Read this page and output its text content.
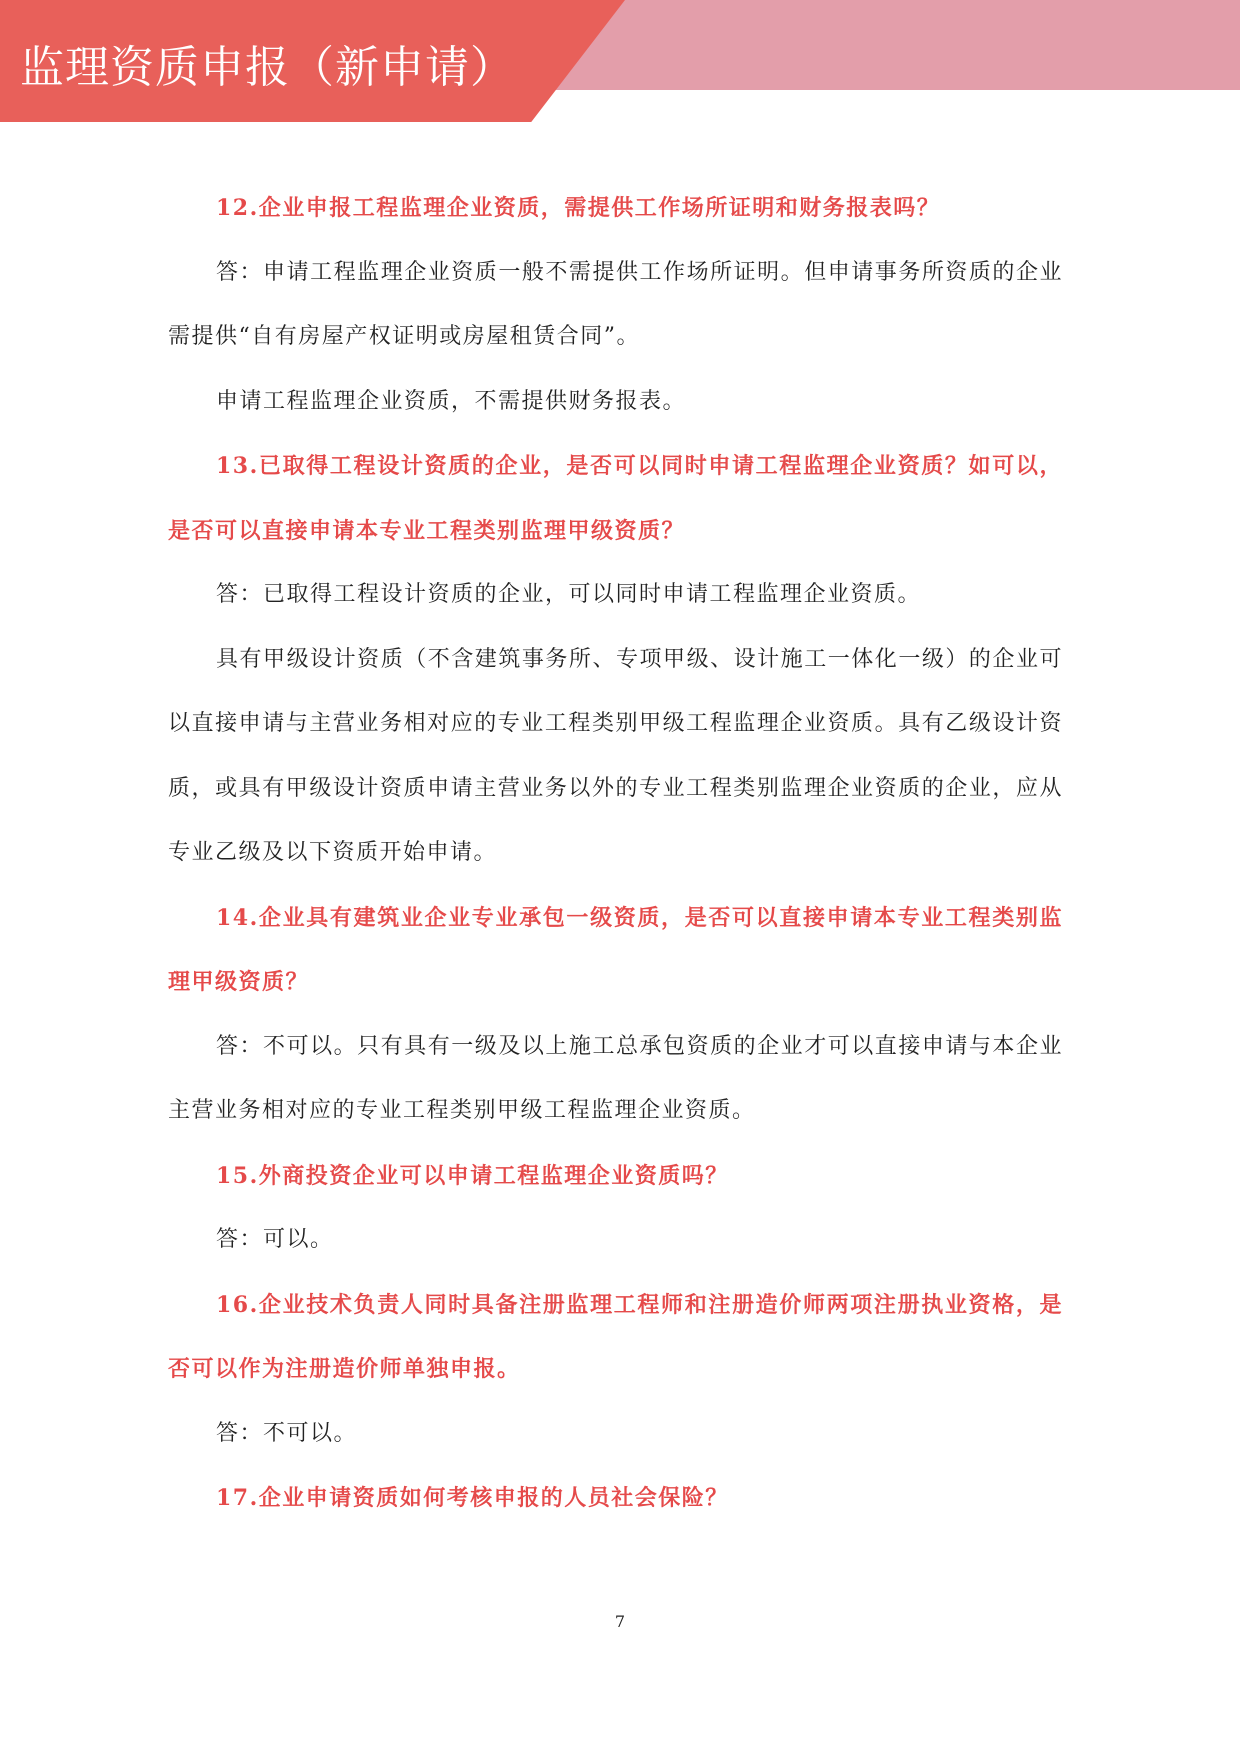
监理资质申报（新申请）

12.企业申报工程监理企业资质，需提供工作场所证明和财务报表吗？

答：申请工程监理企业资质一般不需提供工作场所证明。但申请事务所资质的企业需提供“自有房屋产权证明或房屋租赁合同”。

申请工程监理企业资质，不需提供财务报表。

13.已取得工程设计资质的企业，是否可以同时申请工程监理企业资质？如可以，是否可以直接申请本专业工程类别监理甲级资质？

答：已取得工程设计资质的企业，可以同时申请工程监理企业资质。

具有甲级设计资质（不含建筑事务所、专项甲级、设计施工一体化一级）的企业可以直接申请与主营业务相对应的专业工程类别甲级工程监理企业资质。具有乙级设计资质，或具有甲级设计资质申请主营业务以外的专业工程类别监理企业资质的企业，应从专业乙级及以下资质开始申请。

14.企业具有建筑业企业专业承包一级资质，是否可以直接申请本专业工程类别监理甲级资质？

答：不可以。只有具有一级及以上施工总承包资质的企业才可以直接申请与本企业主营业务相对应的专业工程类别甲级工程监理企业资质。

15.外商投资企业可以申请工程监理企业资质吗？

答：可以。

16.企业技术负责人同时具备注册监理工程师和注册造价师两项注册执业资格，是否可以作为注册造价师单独申报。

答：不可以。

17.企业申请资质如何考核申报的人员社会保险？

7
